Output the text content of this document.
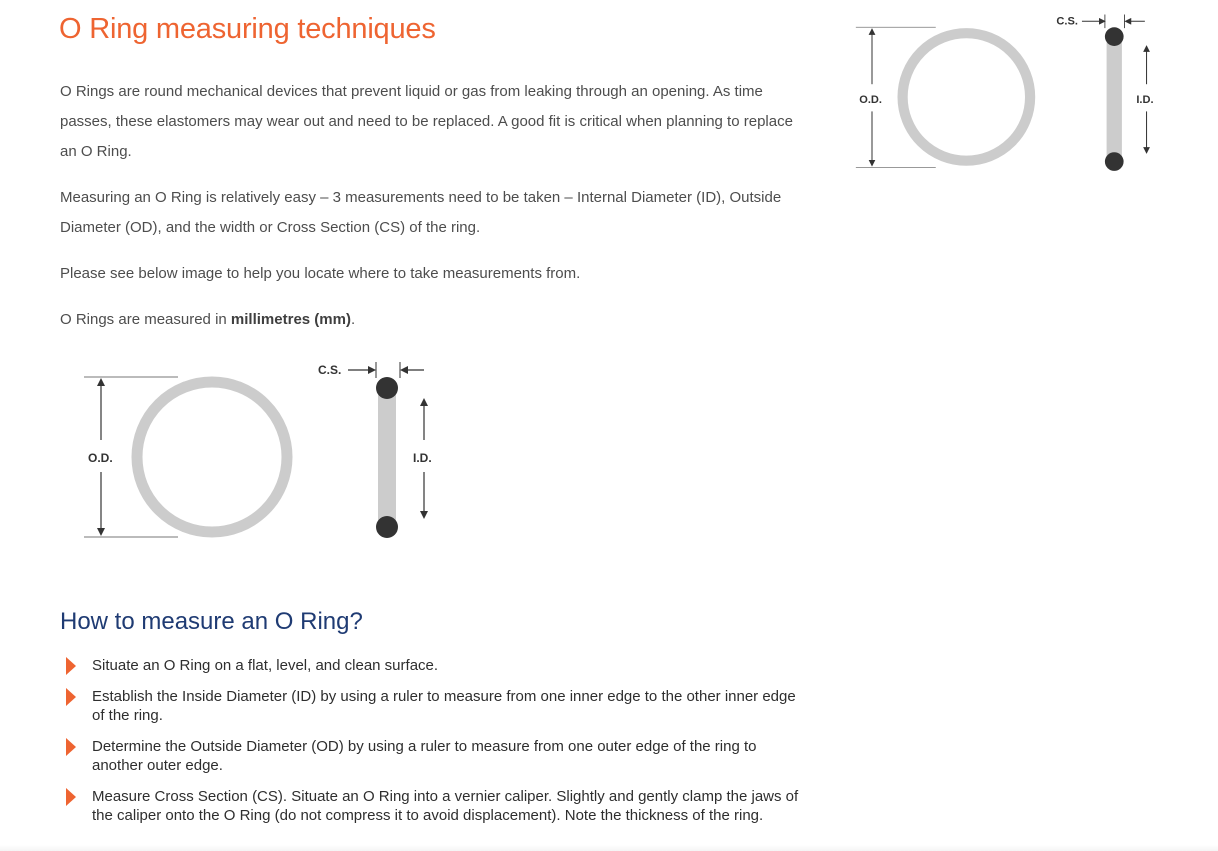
O Ring measuring techniques

O Rings are round mechanical devices that prevent liquid or gas from leaking through an opening. As time passes, these elastomers may wear out and need to be replaced. A good fit is critical when planning to replace an O Ring.

Measuring an O Ring is relatively easy – 3 measurements need to be taken – Internal Diameter (ID), Outside Diameter (OD), and the width or Cross Section (CS) of the ring.

Please see below image to help you locate where to take measurements from.

O Rings are measured in millimetres (mm).

O.D.
C.S.
I.D.
O.D.
C.S.
I.D.
How to measure an O Ring?
Situate an O Ring on a flat, level, and clean surface.
Establish the Inside Diameter (ID) by using a ruler to measure from one inner edge to the other inner edge of the ring.
Determine the Outside Diameter (OD) by using a ruler to measure from one outer edge of the ring to another outer edge.
Measure Cross Section (CS). Situate an O Ring into a vernier caliper. Slightly and gently clamp the jaws of the caliper onto the O Ring (do not compress it to avoid displacement). Note the thickness of the ring.
